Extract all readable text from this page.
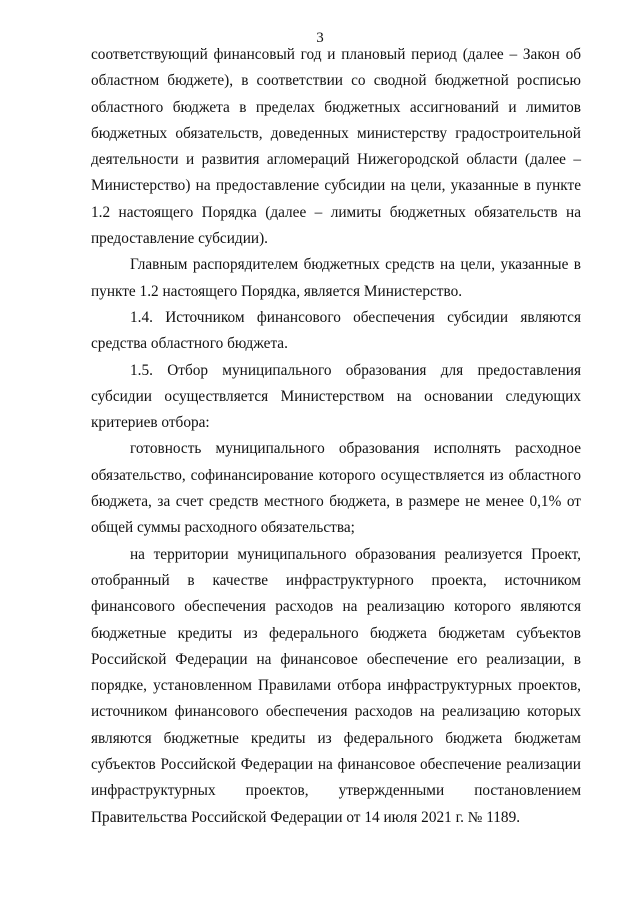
3

соответствующий финансовый год и плановый период (далее – Закон об областном бюджете), в соответствии со сводной бюджетной росписью областного бюджета в пределах бюджетных ассигнований и лимитов бюджетных обязательств, доведенных министерству градостроительной деятельности и развития агломераций Нижегородской области (далее – Министерство) на предоставление субсидии на цели, указанные в пункте 1.2 настоящего Порядка (далее – лимиты бюджетных обязательств на предоставление субсидии).

Главным распорядителем бюджетных средств на цели, указанные в пункте 1.2 настоящего Порядка, является Министерство.

1.4. Источником финансового обеспечения субсидии являются средства областного бюджета.

1.5. Отбор муниципального образования для предоставления субсидии осуществляется Министерством на основании следующих критериев отбора:

готовность муниципального образования исполнять расходное обязательство, софинансирование которого осуществляется из областного бюджета, за счет средств местного бюджета, в размере не менее 0,1% от общей суммы расходного обязательства;

на территории муниципального образования реализуется Проект, отобранный в качестве инфраструктурного проекта, источником финансового обеспечения расходов на реализацию которого являются бюджетные кредиты из федерального бюджета бюджетам субъектов Российской Федерации на финансовое обеспечение его реализации, в порядке, установленном Правилами отбора инфраструктурных проектов, источником финансового обеспечения расходов на реализацию которых являются бюджетные кредиты из федерального бюджета бюджетам субъектов Российской Федерации на финансовое обеспечение реализации инфраструктурных проектов, утвержденными постановлением Правительства Российской Федерации от 14 июля 2021 г. № 1189.
